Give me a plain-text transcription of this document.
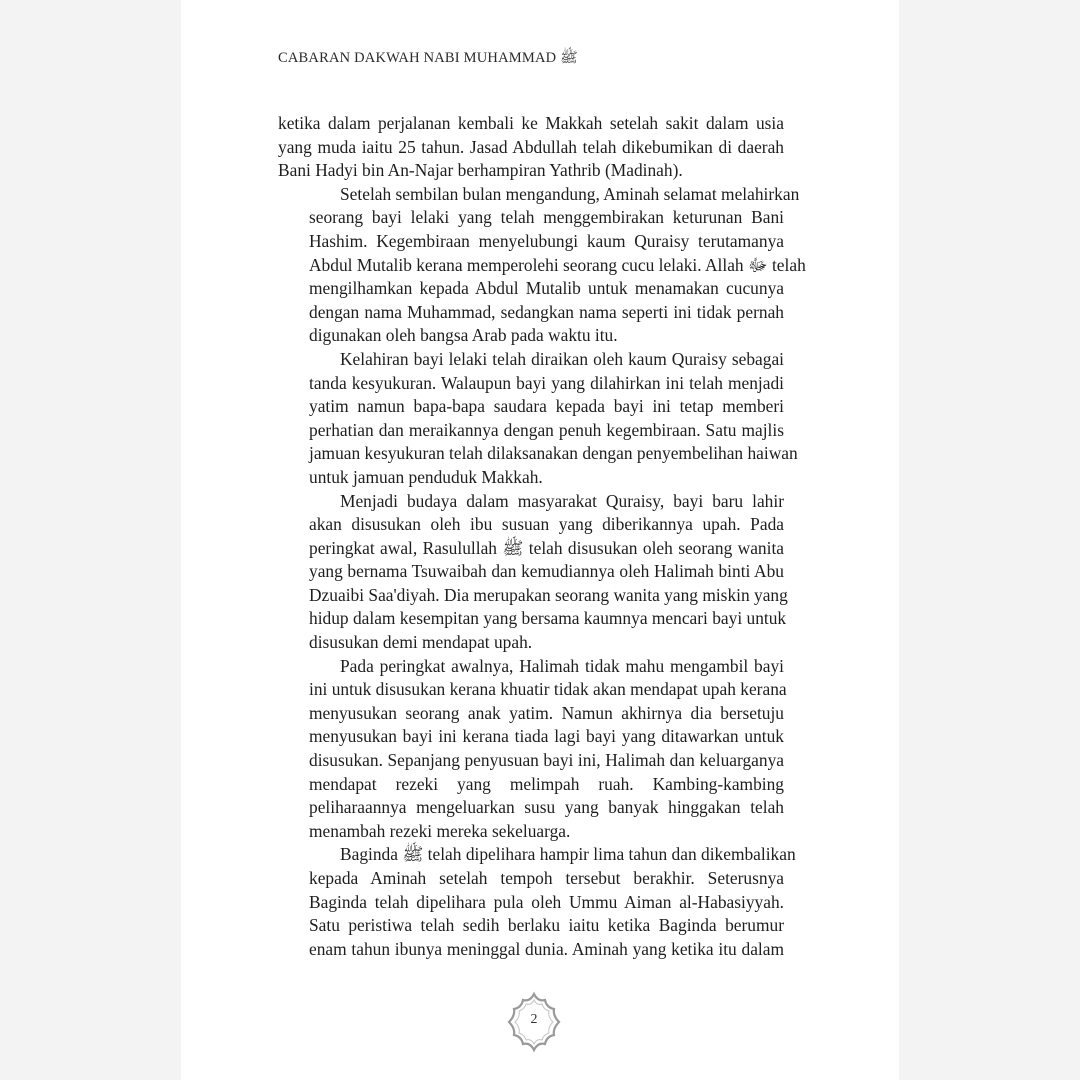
CABARAN DAKWAH NABI MUHAMMAD ﷺ
ketika dalam perjalanan kembali ke Makkah setelah sakit dalam usia
yang muda iaitu 25 tahun. Jasad Abdullah telah dikebumikan di daerah
Bani Hadyi bin An-Najar berhampiran Yathrib (Madinah).
Setelah sembilan bulan mengandung, Aminah selamat melahirkan
seorang bayi lelaki yang telah menggembirakan keturunan Bani
Hashim. Kegembiraan menyelubungi kaum Quraisy terutamanya
Abdul Mutalib kerana memperolehi seorang cucu lelaki. Allah ﷻ telah
mengilhamkan kepada Abdul Mutalib untuk menamakan cucunya
dengan nama Muhammad, sedangkan nama seperti ini tidak pernah
digunakan oleh bangsa Arab pada waktu itu.
Kelahiran bayi lelaki telah diraikan oleh kaum Quraisy sebagai
tanda kesyukuran. Walaupun bayi yang dilahirkan ini telah menjadi
yatim namun bapa-bapa saudara kepada bayi ini tetap memberi
perhatian dan meraikannya dengan penuh kegembiraan. Satu majlis
jamuan kesyukuran telah dilaksanakan dengan penyembelihan haiwan
untuk jamuan penduduk Makkah.
Menjadi budaya dalam masyarakat Quraisy, bayi baru lahir
akan disusukan oleh ibu susuan yang diberikannya upah. Pada
peringkat awal, Rasulullah ﷺ telah disusukan oleh seorang wanita
yang bernama Tsuwaibah dan kemudiannya oleh Halimah binti Abu
Dzuaibi Saa'diyah. Dia merupakan seorang wanita yang miskin yang
hidup dalam kesempitan yang bersama kaumnya mencari bayi untuk
disusukan demi mendapat upah.
Pada peringkat awalnya, Halimah tidak mahu mengambil bayi
ini untuk disusukan kerana khuatir tidak akan mendapat upah kerana
menyusukan seorang anak yatim. Namun akhirnya dia bersetuju
menyusukan bayi ini kerana tiada lagi bayi yang ditawarkan untuk
disusukan. Sepanjang penyusuan bayi ini, Halimah dan keluarganya
mendapat rezeki yang melimpah ruah. Kambing-kambing
peliharaannya mengeluarkan susu yang banyak hinggakan telah
menambah rezeki mereka sekeluarga.
Baginda ﷺ telah dipelihara hampir lima tahun dan dikembalikan
kepada Aminah setelah tempoh tersebut berakhir. Seterusnya
Baginda telah dipelihara pula oleh Ummu Aiman al-Habasiyyah.
Satu peristiwa telah sedih berlaku iaitu ketika Baginda berumur
enam tahun ibunya meninggal dunia. Aminah yang ketika itu dalam
2
